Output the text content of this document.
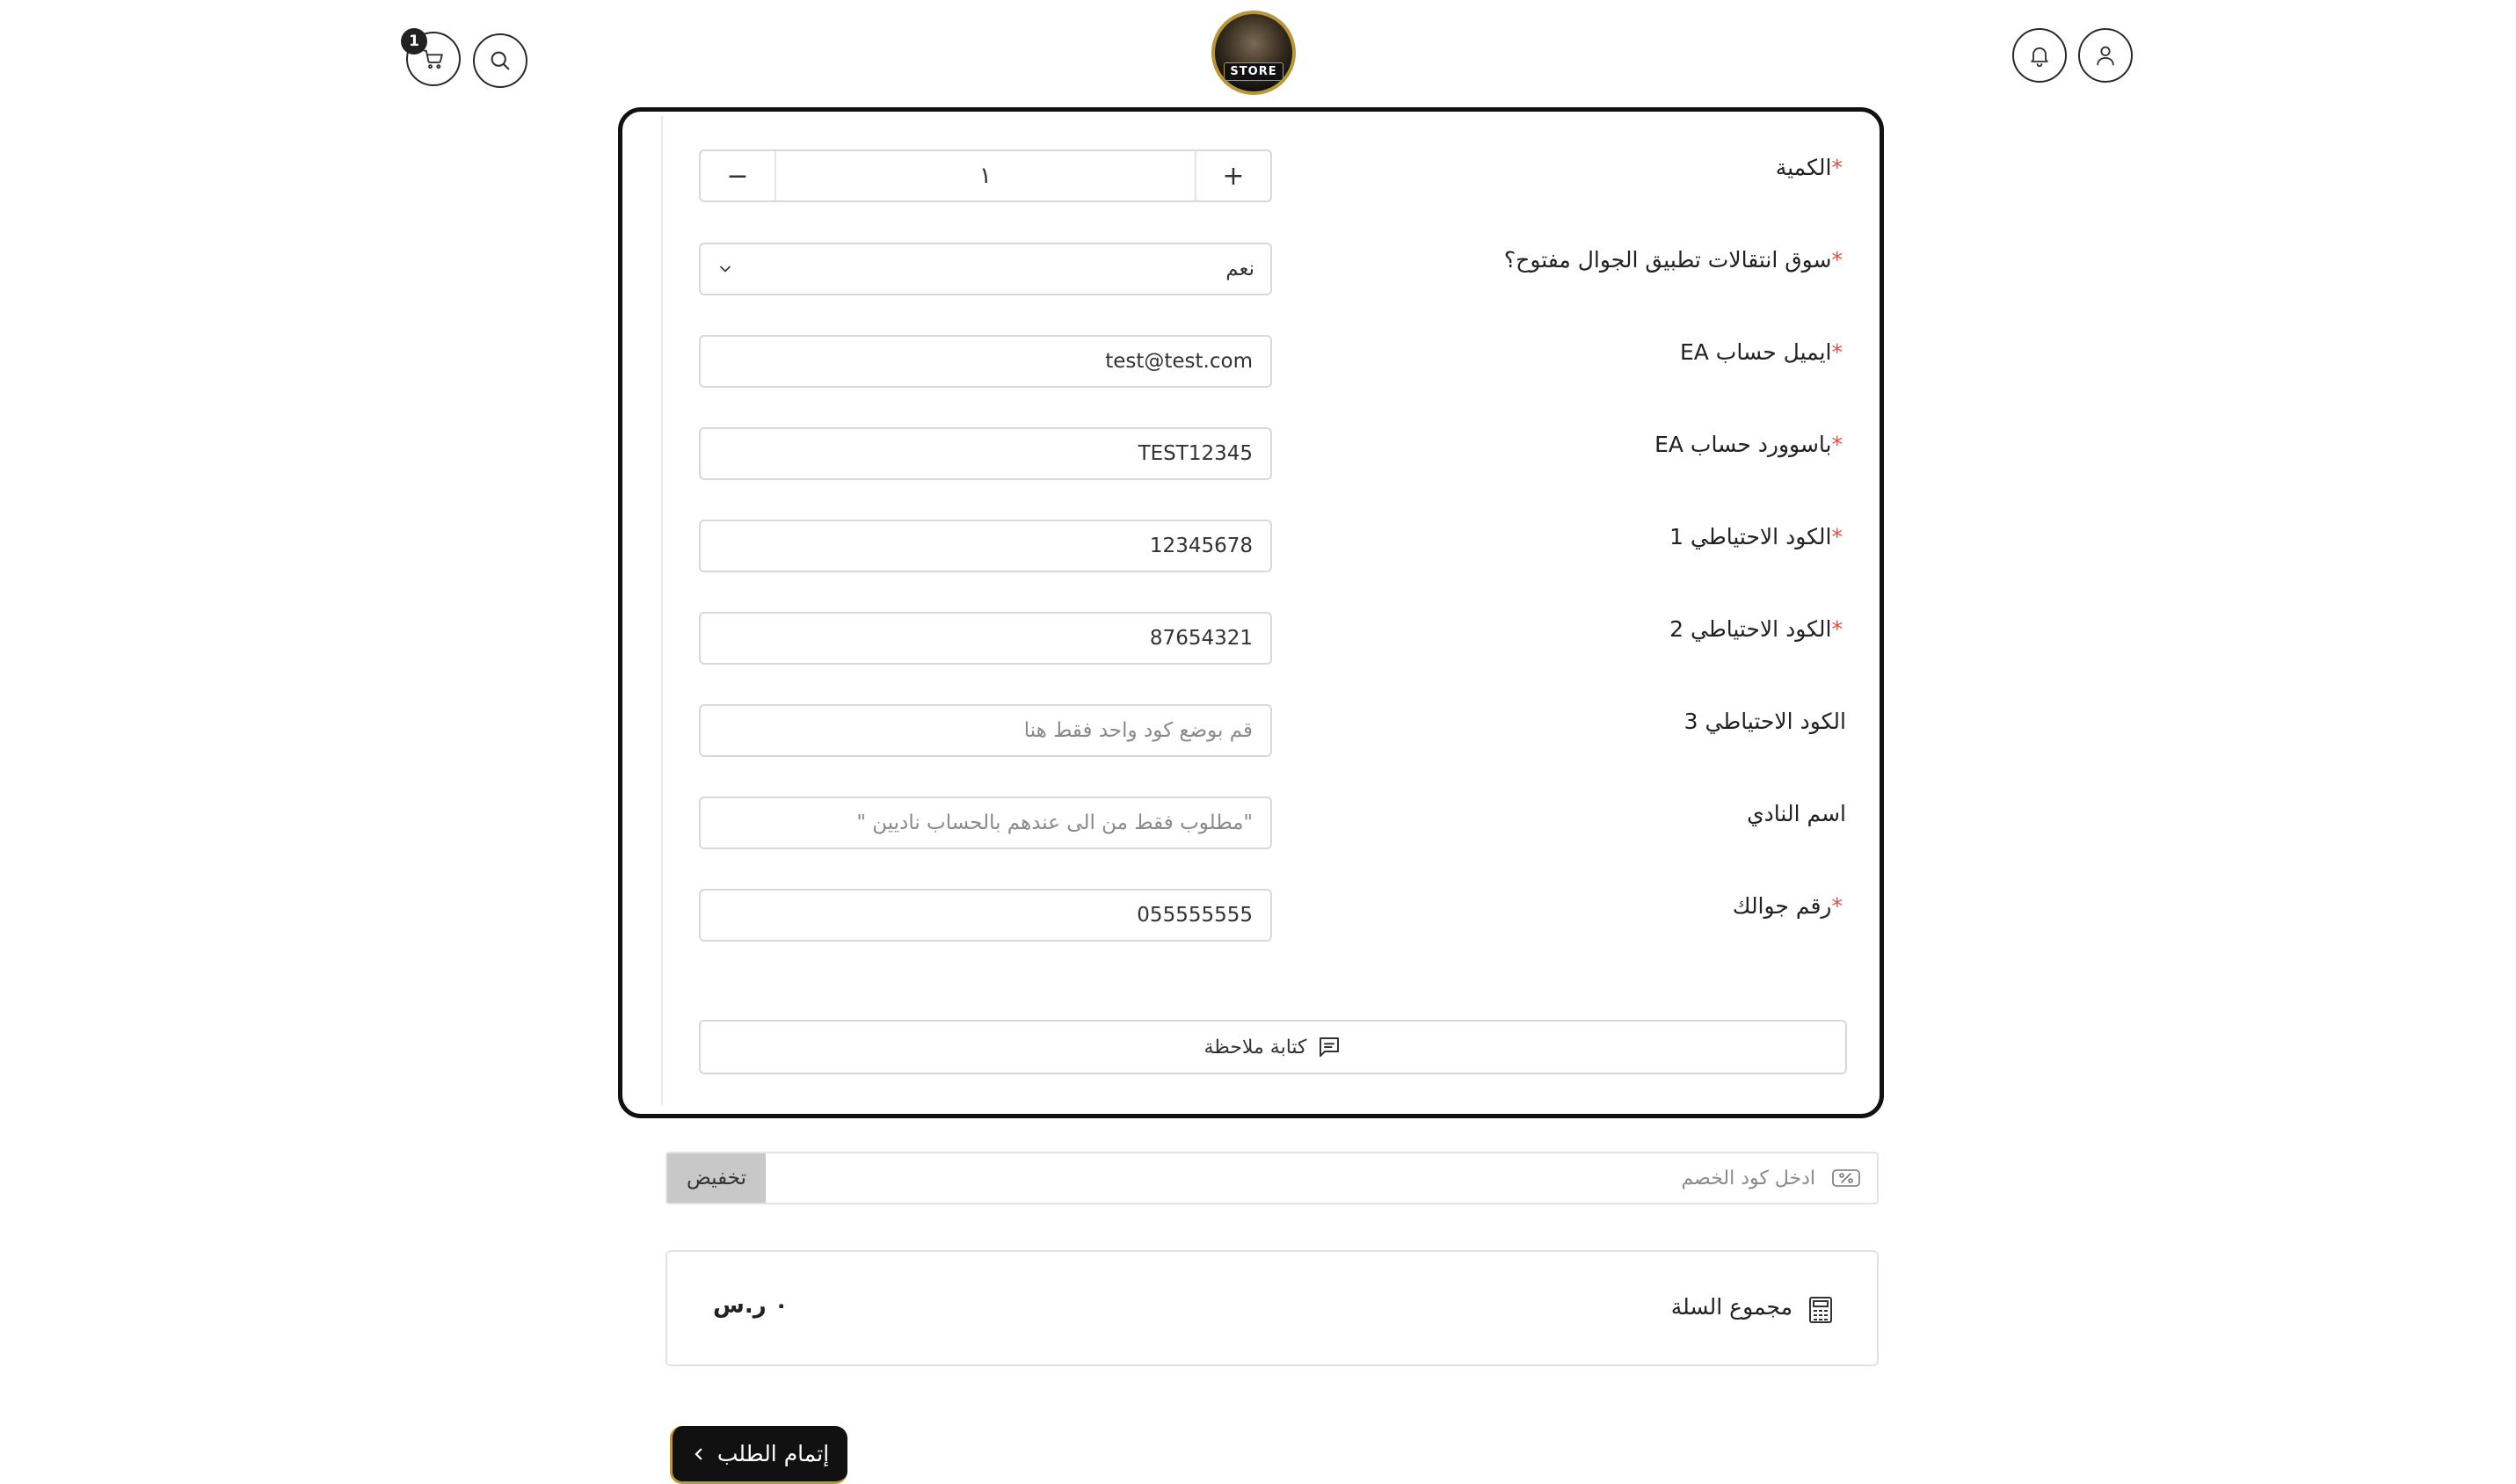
1
STORE
*الكمية
−	١	+
*سوق انتقالات تطبيق الجوال مفتوح؟
نعم
*ايميل حساب EA
test@test.com
*باسوورد حساب EA
TEST12345
*الكود الاحتياطي 1
12345678
*الكود الاحتياطي 2
87654321
الكود الاحتياطي 3
قم بوضع كود واحد فقط هنا
اسم النادي
"مطلوب فقط من الى عندهم بالحساب ناديين "
*رقم جوالك
055555555
كتابة ملاحظة
تخفيض
ادخل كود الخصم
مجموع السلة
٠ ر.س
إتمام الطلب
